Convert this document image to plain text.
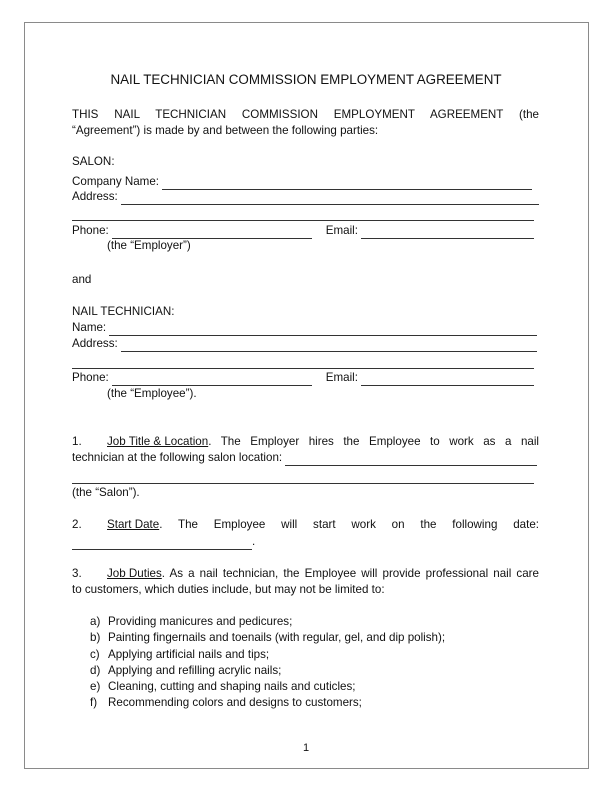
NAIL TECHNICIAN COMMISSION EMPLOYMENT AGREEMENT
THIS NAIL TECHNICIAN COMMISSION EMPLOYMENT AGREEMENT (the
“Agreement”) is made by and between the following parties:
SALON:
Company Name:
Address:
Phone:	Email:
(the “Employer”)
and
NAIL TECHNICIAN:
Name:
Address:
Phone:	Email:
(the “Employee”).
1.	Job Title & Location . The Employer hires the Employee to work as a nail
technician at the following salon location:
(the “Salon”).
2.	Start Date . The Employee will start work on the following date:
.
3.	Job Duties . As a nail technician, the Employee will provide professional nail care
to customers, which duties include, but may not be limited to:
a) Providing manicures and pedicures;
b) Painting fingernails and toenails (with regular, gel, and dip polish);
c) Applying artificial nails and tips;
d) Applying and refilling acrylic nails;
e) Cleaning, cutting and shaping nails and cuticles;
f) Recommending colors and designs to customers;
1
